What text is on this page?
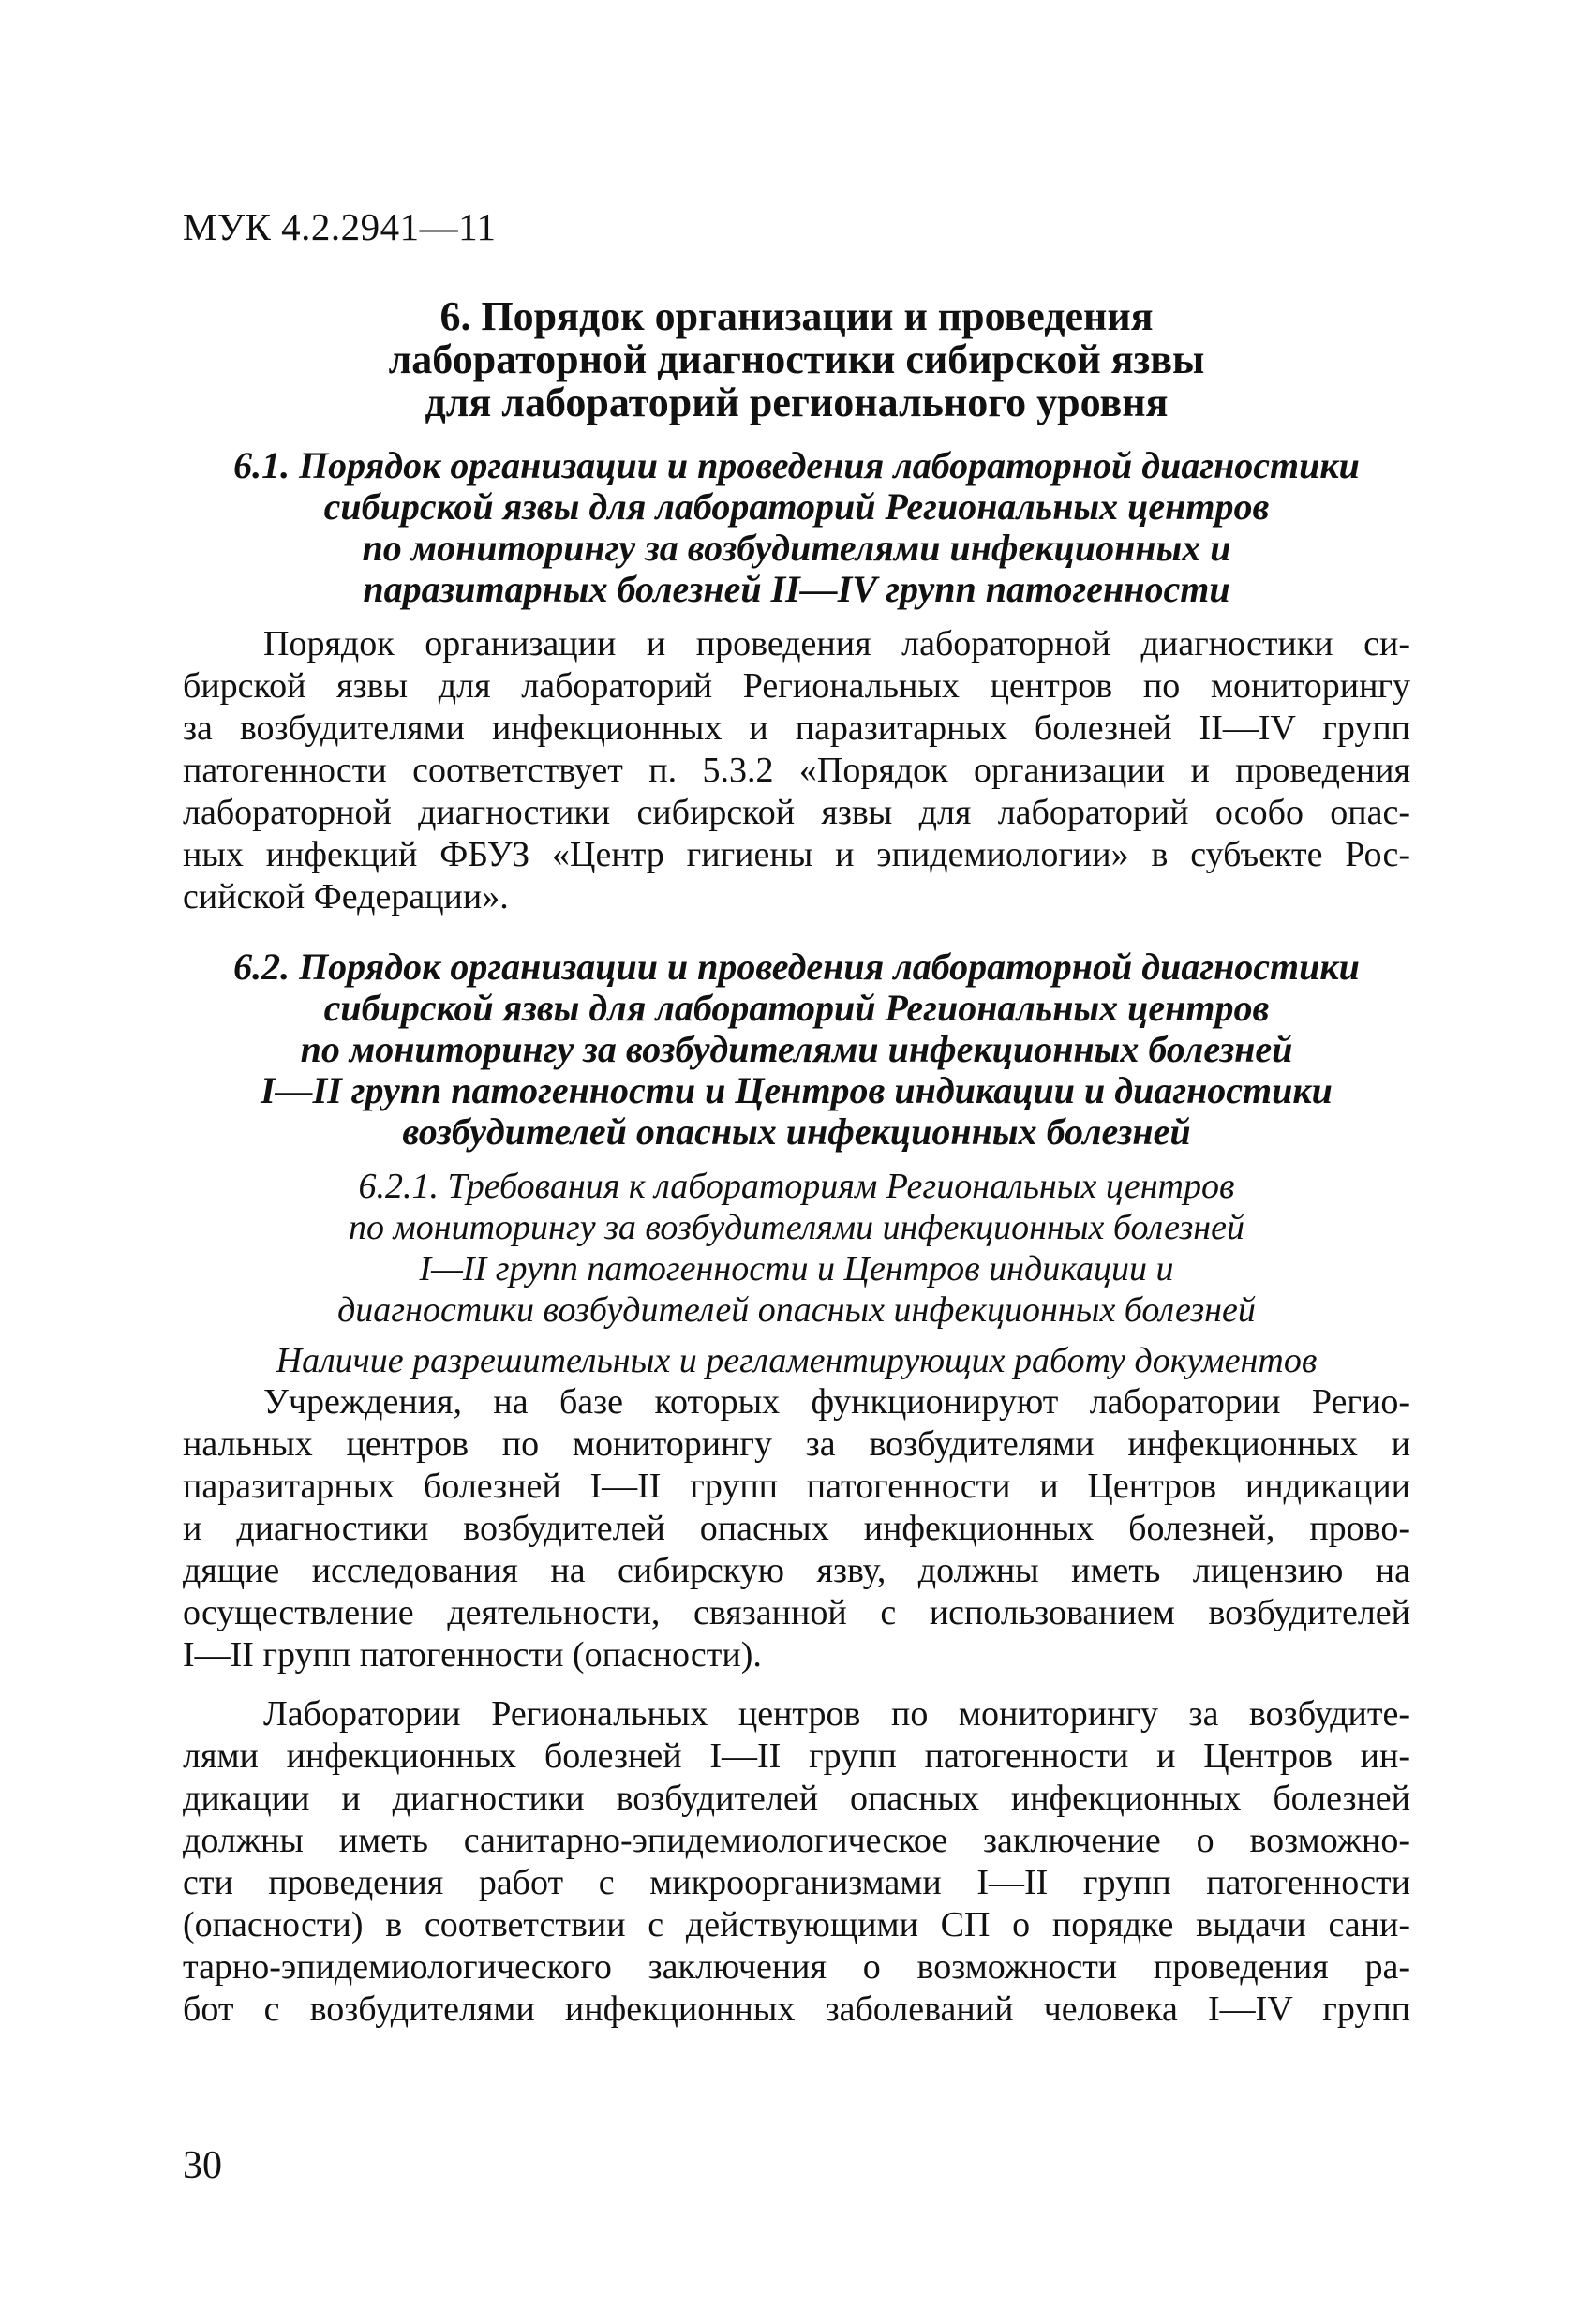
МУК 4.2.2941—11
6. Порядок организации и проведения
лабораторной диагностики сибирской язвы
для лабораторий регионального уровня
6.1. Порядок организации и проведения лабораторной диагностики
сибирской язвы для лабораторий Региональных центров
по мониторингу за возбудителями инфекционных и
паразитарных болезней II—IV групп патогенности
Порядок организации и проведения лабораторной диагностики си-
бирской язвы для лабораторий Региональных центров по мониторингу
за возбудителями инфекционных и паразитарных болезней II—IV групп
патогенности соответствует п. 5.3.2 «Порядок организации и проведения
лабораторной диагностики сибирской язвы для лабораторий особо опас-
ных инфекций ФБУЗ «Центр гигиены и эпидемиологии» в субъекте Рос-
сийской Федерации».
6.2. Порядок организации и проведения лабораторной диагностики
сибирской язвы для лабораторий Региональных центров
по мониторингу за возбудителями инфекционных болезней
I—II групп патогенности и Центров индикации и диагностики
возбудителей опасных инфекционных болезней
6.2.1. Требования к лабораториям Региональных центров
по мониторингу за возбудителями инфекционных болезней
I—II групп патогенности и Центров индикации и
диагностики возбудителей опасных инфекционных болезней
Наличие разрешительных и регламентирующих работу документов
Учреждения, на базе которых функционируют лаборатории Регио-
нальных центров по мониторингу за возбудителями инфекционных и
паразитарных болезней I—II групп патогенности и Центров индикации
и диагностики возбудителей опасных инфекционных болезней, прово-
дящие исследования на сибирскую язву, должны иметь лицензию на
осуществление деятельности, связанной с использованием возбудителей
I—II групп патогенности (опасности).
Лаборатории Региональных центров по мониторингу за возбудите-
лями инфекционных болезней I—II групп патогенности и Центров ин-
дикации и диагностики возбудителей опасных инфекционных болезней
должны иметь санитарно-эпидемиологическое заключение о возможно-
сти проведения работ с микроорганизмами I—II групп патогенности
(опасности) в соответствии с действующими СП о порядке выдачи сани-
тарно-эпидемиологического заключения о возможности проведения ра-
бот с возбудителями инфекционных заболеваний человека I—IV групп
30
